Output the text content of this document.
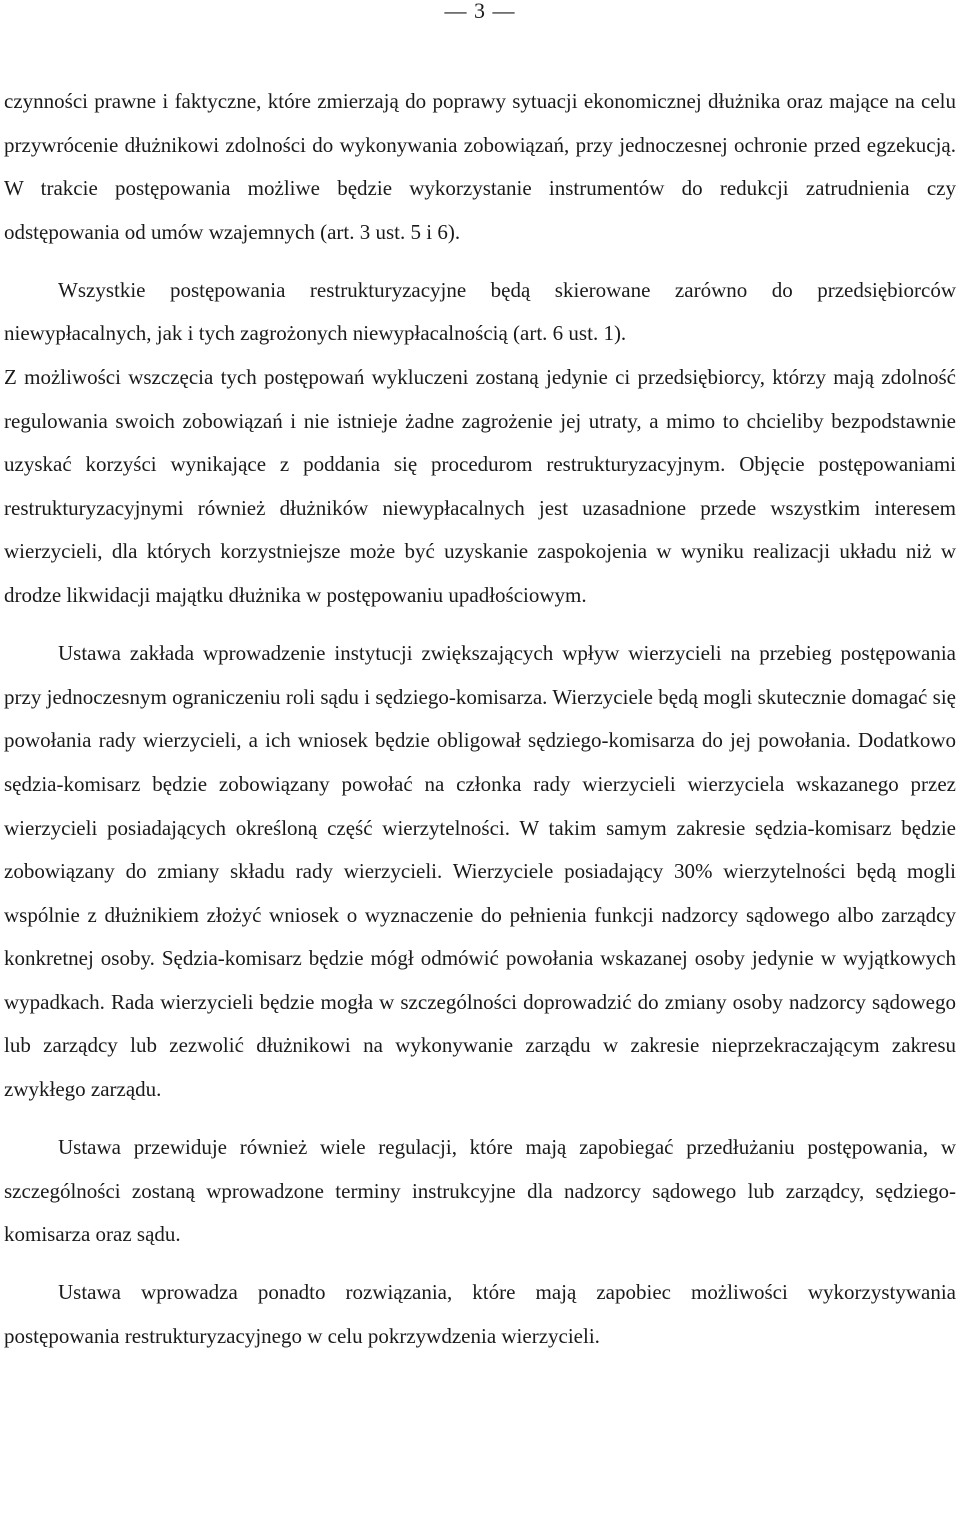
— 3 —

czynności prawne i faktyczne, które zmierzają do poprawy sytuacji ekonomicznej dłużnika oraz mające na celu przywrócenie dłużnikowi zdolności do wykonywania zobowiązań, przy jednoczesnej ochronie przed egzekucją. W trakcie postępowania możliwe będzie wykorzystanie instrumentów do redukcji zatrudnienia czy odstępowania od umów wzajemnych (art. 3 ust. 5 i 6).

Wszystkie postępowania restrukturyzacyjne będą skierowane zarówno do przedsiębiorców niewypłacalnych, jak i tych zagrożonych niewypłacalnością (art. 6 ust. 1).

Z możliwości wszczęcia tych postępowań wykluczeni zostaną jedynie ci przedsiębiorcy, którzy mają zdolność regulowania swoich zobowiązań i nie istnieje żadne zagrożenie jej utraty, a mimo to chcieliby bezpodstawnie uzyskać korzyści wynikające z poddania się procedurom restrukturyzacyjnym. Objęcie postępowaniami restrukturyzacyjnymi również dłużników niewypłacalnych jest uzasadnione przede wszystkim interesem wierzycieli, dla których korzystniejsze może być uzyskanie zaspokojenia w wyniku realizacji układu niż w drodze likwidacji majątku dłużnika w postępowaniu upadłościowym.

Ustawa zakłada wprowadzenie instytucji zwiększających wpływ wierzycieli na przebieg postępowania przy jednoczesnym ograniczeniu roli sądu i sędziego-komisarza. Wierzyciele będą mogli skutecznie domagać się powołania rady wierzycieli, a ich wniosek będzie obligował sędziego-komisarza do jej powołania. Dodatkowo sędzia-komisarz będzie zobowiązany powołać na członka rady wierzycieli wierzyciela wskazanego przez wierzycieli posiadających określoną część wierzytelności. W takim samym zakresie sędzia-komisarz będzie zobowiązany do zmiany składu rady wierzycieli. Wierzyciele posiadający 30% wierzytelności będą mogli wspólnie z dłużnikiem złożyć wniosek o wyznaczenie do pełnienia funkcji nadzorcy sądowego albo zarządcy konkretnej osoby. Sędzia-komisarz będzie mógł odmówić powołania wskazanej osoby jedynie w wyjątkowych wypadkach. Rada wierzycieli będzie mogła w szczególności doprowadzić do zmiany osoby nadzorcy sądowego lub zarządcy lub zezwolić dłużnikowi na wykonywanie zarządu w zakresie nieprzekraczającym zakresu zwykłego zarządu.

Ustawa przewiduje również wiele regulacji, które mają zapobiegać przedłużaniu postępowania, w szczególności zostaną wprowadzone terminy instrukcyjne dla nadzorcy sądowego lub zarządcy, sędziego-komisarza oraz sądu.

Ustawa wprowadza ponadto rozwiązania, które mają zapobiec możliwości wykorzystywania postępowania restrukturyzacyjnego w celu pokrzywdzenia wierzycieli.
